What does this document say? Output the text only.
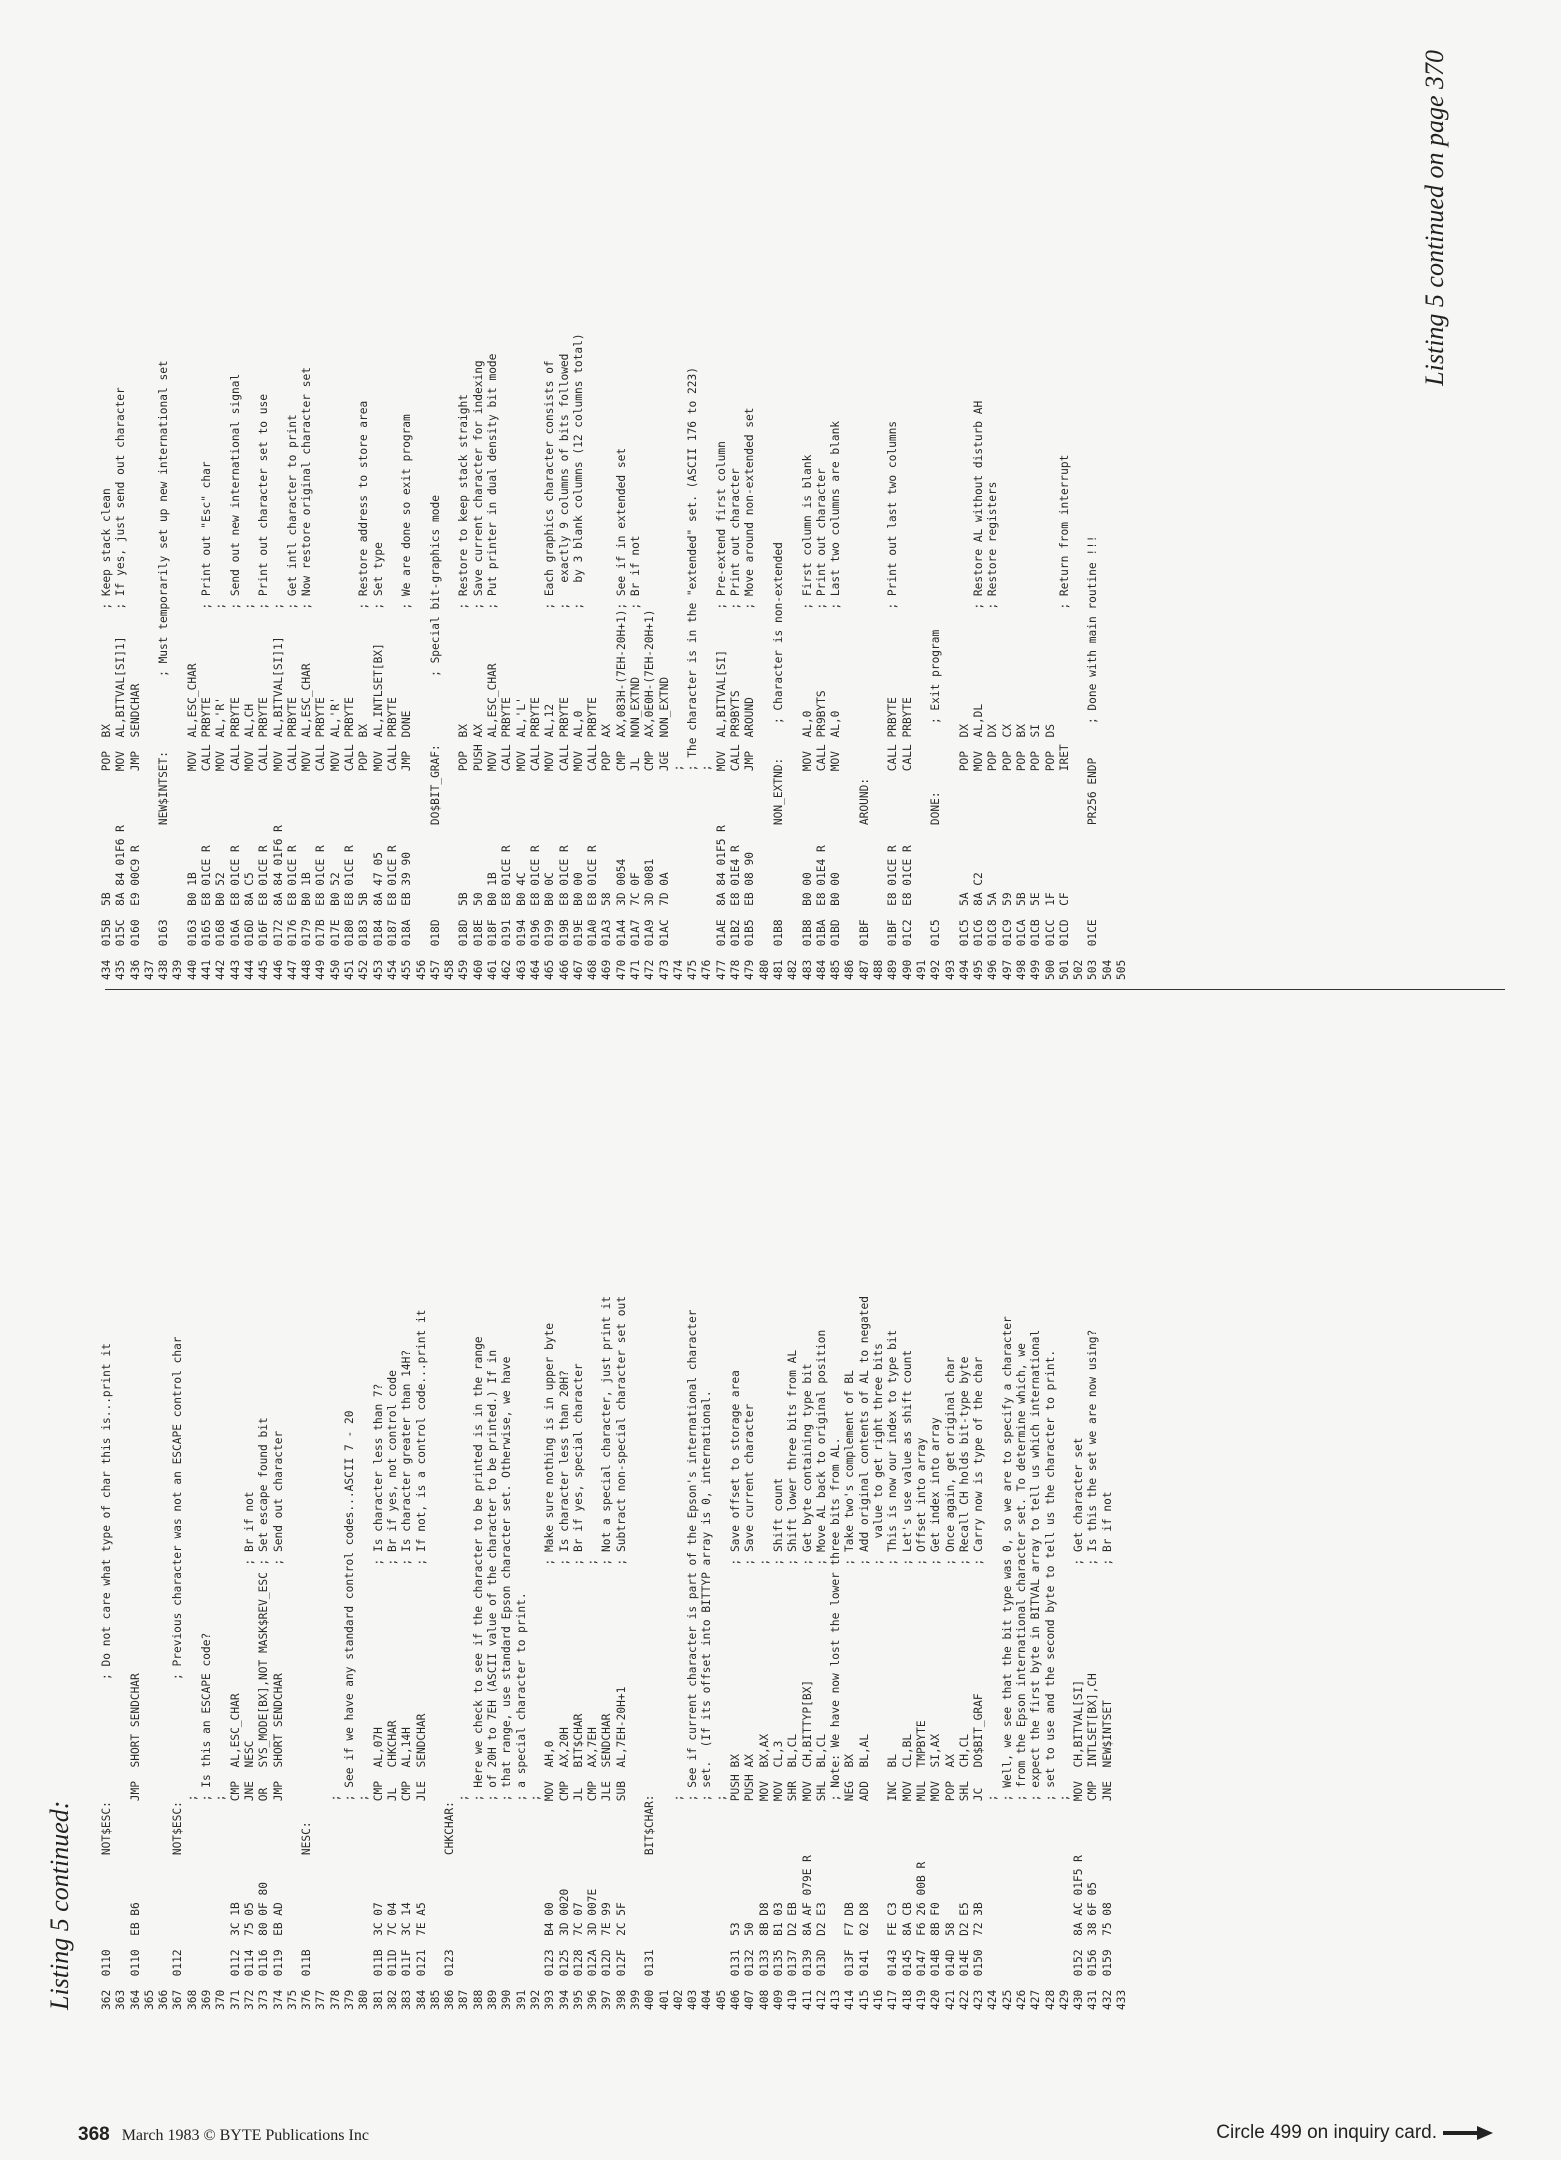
Listing 5 continued: 362  0110              NOT$ESC:                  ; Do not care what type of char this is...print it 363 364  0110  EB B6               JMP  SHORT SENDCHAR 365 366 367  0112              NOT$ESC:                  ; Previous character was not an ESCAPE control char 368                            ; 369                            ; Is this an ESCAPE code? 370                            ; 371  0112  3C 1B               CMP  AL,ESC_CHAR 372  0114  75 05               JNE  NESC                          ; Br if not 373  0116  80 0F 80            OR   SYS_MODE[BX],NOT MASK$REV_ESC ; Set escape found bit 374  0119  EB AD               JMP  SHORT SENDCHAR                ; Send out character 375 376  011B              NESC: 377 378                            ; 379                            ; See if we have any standard control codes...ASCII 7 - 20 380                            ; 381  011B  3C 07               CMP  AL,07H                        ; Is character less than 7? 382  011D  7C 04               JL   CHKCHAR                       ; Br if yes, not control code 383  011F  3C 14               CMP  AL,14H                        ; Is character greater than 14H? 384  0121  7E A5               JLE  SENDCHAR                      ; If not, is a control code...print it 385 386  0123              CHKCHAR: 387                            ; 388                            ; Here we check to see if the character to be printed is in the range 389                            ; of 20H to 7EH (ASCII value of the character to be printed.) If in 390                            ; that range, use standard Epson character set. Otherwise, we have 391                            ; a special character to print. 392                            ; 393  0123  B4 00               MOV  AH,0                          ; Make sure nothing is in upper byte 394  0125  3D 0020             CMP  AX,20H                        ; Is character less than 20H? 395  0128  7C 07               JL   BIT$CHAR                      ; Br if yes, special character 396  012A  3D 007E             CMP  AX,7EH                        ; 397  012D  7E 99               JLE  SENDCHAR                      ; Not a special character, just print it 398  012F  2C 5F               SUB  AL,7EH-20H+1                  ; Subtract non-special character set out 399 400  0131              BIT$CHAR: 401 402                            ; 403                            ; See if current character is part of the Epson's international character 404                            ; set.  (If its offset into BITTYP array is 0, international. 405                            ; 406  0131  53                  PUSH BX                            ; Save offset to storage area 407  0132  50                  PUSH AX                            ; Save current character 408  0133  8B D8               MOV  BX,AX                         ; 409  0135  B1 03               MOV  CL,3                          ; Shift count 410  0137  D2 EB               SHR  BL,CL                         ; Shift lower three bits from AL 411  0139  8A AF 079E R        MOV  CH,BITTYP[BX]                 ; Get byte containing type bit 412  013D  D2 E3               SHL  BL,CL                         ; Move AL back to original position 413                            ; Note: We have now lost the lower three bits from AL. 414  013F  F7 DB               NEG  BX                            ; Take two's complement of BL 415  0141  02 D8               ADD  BL,AL                         ; Add original contents of AL to negated 416                                                               ;   value to get right three bits 417  0143  FE C3               INC  BL                            ; This is now our index to type bit 418  0145  8A CB               MOV  CL,BL                         ; Let's use value as shift count 419  0147  F6 26 00B R         MUL  TMPBYTE                       ; Offset into array 420  014B  8B F0               MOV  SI,AX                         ; Get index into array 421  014D  58                  POP  AX                            ; Once again, get original char 422  014E  D2 E5               SHL  CH,CL                         ; Recall CH holds bit-type byte 423  0150  72 3B               JC   DO$BIT_GRAF                   ; Carry now is type of the char 424                            ; 425                            ; Well, we see that the bit type was 0, so we are to specify a character 426                            ; from the Epson international character set. To determine which, we 427                            ; expect the first byte in BITVAL array to tell us which international 428                            ; set to use and the second byte to tell us the character to print. 429                            ; 430  0152  8A AC 01F5 R        MOV  CH,BITVAL[SI]                 ; Get character set 431  0156  38 6F 05            CMP  INTLSET[BX],CH                ; Is this the set we are now using? 432  0159  75 08               JNE  NEW$INTSET                    ; Br if not 433
434  015B  5B                  POP  BX                 ; Keep stack clean 435  015C  8A 84 01F6 R        MOV  AL,BITVAL[SI]1]    ; If yes, just send out character 436  0160  E9 00C9 R           JMP  SENDCHAR 437 438  0163              NEW$INTSET:           ; Must temporarily set up new international set 439 440  0163  B0 1B               MOV  AL,ESC_CHAR 441  0165  E8 01CE R           CALL PRBYTE             ; Print out "Esc" char 442  0168  B0 52               MOV  AL,'R'             ; 443  016A  E8 01CE R           CALL PRBYTE             ; Send out new international signal 444  016D  8A C5               MOV  AL,CH              ; 445  016F  E8 01CE R           CALL PRBYTE             ; Print out character set to use 446  0172  8A 84 01F6 R        MOV  AL,BITVAL[SI]1]    ; 447  0176  E8 01CE R           CALL PRBYTE             ; Get intl character to print 448  0179  B0 1B               MOV  AL,ESC_CHAR        ; Now restore original character set 449  017B  E8 01CE R           CALL PRBYTE 450  017E  B0 52               MOV  AL,'R' 451  0180  E8 01CE R           CALL PRBYTE 452  0183  5B                  POP  BX                 ; Restore address to store area 453  0184  8A 47 05            MOV  AL,INTLSET[BX]     ; Set type 454  0187  E8 01CE R           CALL PRBYTE 455  018A  EB 39 90            JMP  DONE               ; We are done so exit program 456 457  018D              DO$BIT_GRAF:          ; Special bit-graphics mode 458 459  018D  5B                  POP  BX                 ; Restore to keep stack straight 460  018E  50                  PUSH AX                 ; Save current character for indexing 461  018F  B0 1B               MOV  AL,ESC_CHAR        ; Put printer in dual density bit mode 462  0191  E8 01CE R           CALL PRBYTE 463  0194  B0 4C               MOV  AL,'L' 464  0196  E8 01CE R           CALL PRBYTE 465  0199  B0 0C               MOV  AL,12              ; Each graphics character consists of 466  019B  E8 01CE R           CALL PRBYTE             ;   exactly 9 columns of bits followed 467  019E  B0 00               MOV  AL,0               ;   by 3 blank columns (12 columns total) 468  01A0  E8 01CE R           CALL PRBYTE 469  01A3  58                  POP  AX 470  01A4  3D 0054             CMP  AX,083H-(7EH-20H+1); See if in extended set 471  01A7  7C 0F               JL   NON_EXTND          ; Br if not 472  01A9  3D 0081             CMP  AX,0E0H-(7EH-20H+1) 473  01AC  7D 0A               JGE  NON_EXTND 474                            ; 475                            ; The character is in the "extended" set. (ASCII 176 to 223) 476                            ; 477  01AE  8A 84 01F5 R        MOV  AL,BITVAL[SI]      ; Pre-extend first column 478  01B2  E8 01E4 R           CALL PR9BYTS            ; Print out character 479  01B5  EB 08 90            JMP  AROUND             ; Move around non-extended set 480 481  01B8              NON_EXTND:     ; Character is non-extended 482 483  01B8  B0 00               MOV  AL,0               ; First column is blank 484  01BA  E8 01E4 R           CALL PR9BYTS            ; Print out character 485  01BD  B0 00               MOV  AL,0               ; Last two columns are blank 486 487  01BF              AROUND: 488 489  01BF  E8 01CE R           CALL PRBYTE             ; Print out last two columns 490  01C2  E8 01CE R           CALL PRBYTE 491 492  01C5              DONE:          ; Exit program 493 494  01C5  5A                  POP  DX 495  01C6  8A C2               MOV  AL,DL              ; Restore AL without disturb AH 496  01C8  5A                  POP  DX                 ; Restore registers 497  01C9  59                  POP  CX 498  01CA  5B                  POP  BX 499  01CB  5E                  POP  SI 500  01CC  1F                  POP  DS 501  01CD  CF                  IRET                    ; Return from interrupt 502 503  01CE              PR256 ENDP     ; Done with main routine !!! 504 505
Listing 5 continued on page 370
368 March 1983 © BYTE Publications Inc	Circle 499 on inquiry card.
